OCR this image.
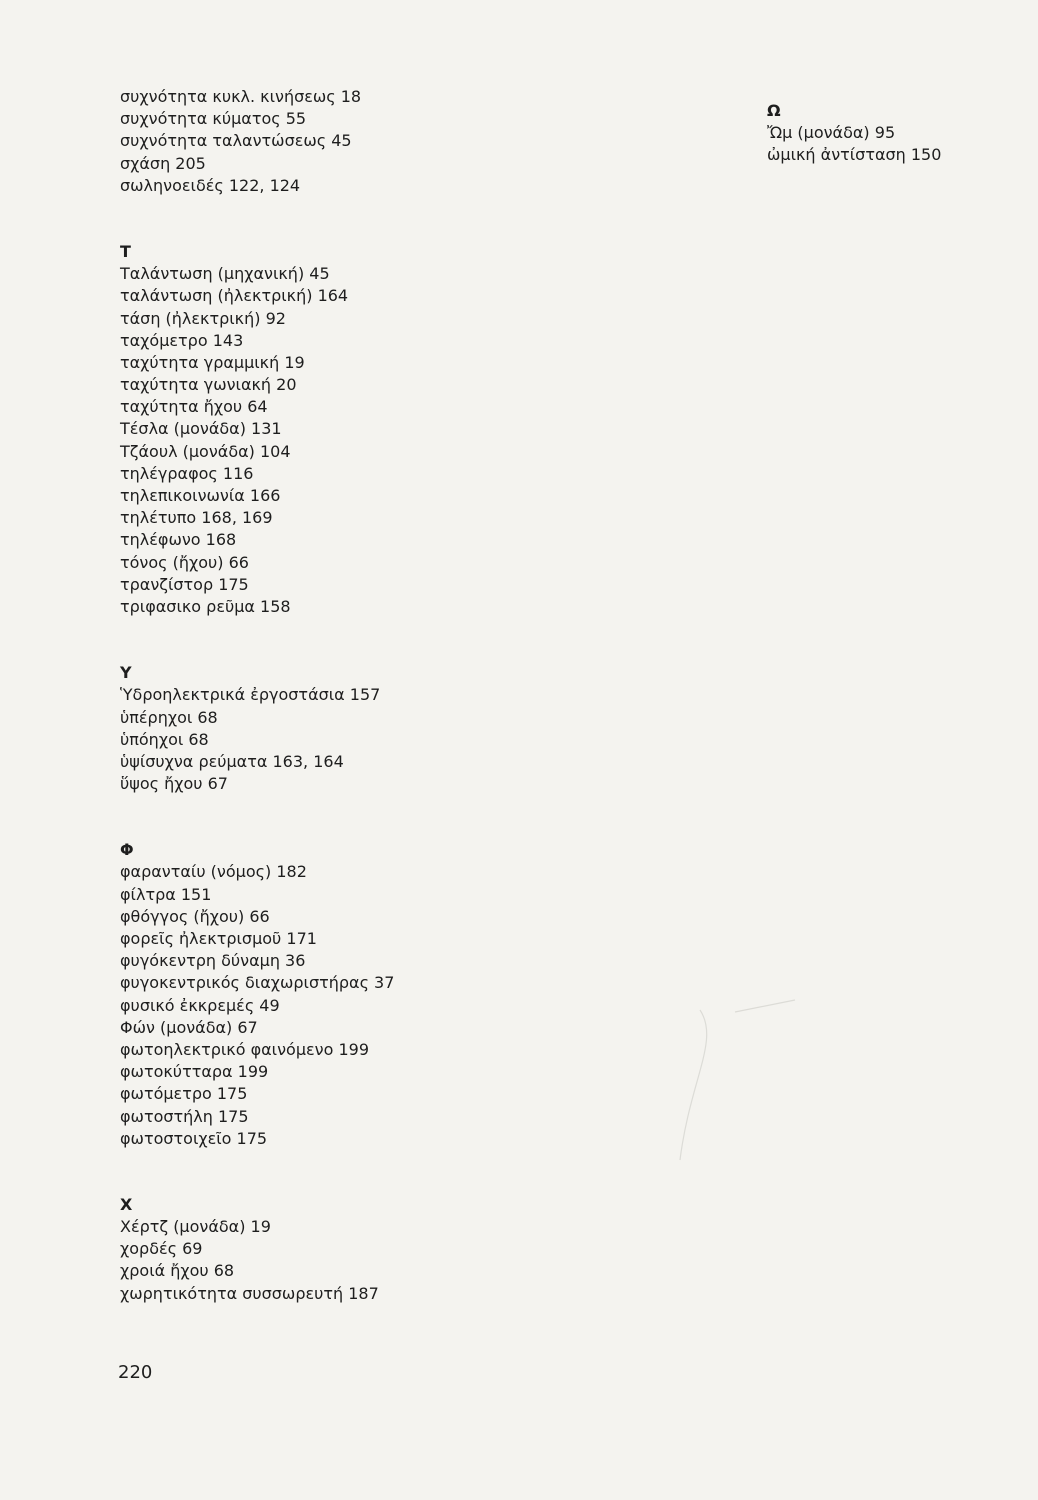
συχνότητα κυκλ. κινήσεως 18
συχνότητα κύματος 55
συχνότητα ταλαντώσεως 45
σχάση 205
σωληνοειδές 122, 124
Τ
Ταλάντωση (μηχανική) 45
ταλάντωση (ἠλεκτρική) 164
τάση (ἠλεκτρική) 92
ταχόμετρο 143
ταχύτητα γραμμική 19
ταχύτητα γωνιακή 20
ταχύτητα ἤχου 64
Τέσλα (μονάδα) 131
Τζάουλ (μονάδα) 104
τηλέγραφος 116
τηλεπικοινωνία 166
τηλέτυπο 168, 169
τηλέφωνο 168
τόνος (ἤχου) 66
τρανζίστορ 175
τριφασικο ρεῦμα 158
Υ
Ὑδροηλεκτρικά ἐργοστάσια 157
ὑπέρηχοι 68
ὑπόηχοι 68
ὑψίσυχνα ρεύματα 163, 164
ὕψος ἤχου 67
Φ
φαρανταίυ (νόμος) 182
φίλτρα 151
φθόγγος (ἤχου) 66
φορεῖς ἠλεκτρισμοῦ 171
φυγόκεντρη δύναμη 36
φυγοκεντρικός διαχωριστήρας 37
φυσικό ἐκκρεμές 49
Φών (μονάδα) 67
φωτοηλεκτρικό φαινόμενο 199
φωτοκύτταρα 199
φωτόμετρο 175
φωτοστήλη 175
φωτοστοιχεῖο 175
Χ
Χέρτζ (μονάδα) 19
χορδές 69
χροιά ἤχου 68
χωρητικότητα συσσωρευτή 187
Ω
Ὤμ (μονάδα) 95
ὠμική ἀντίσταση 150
220
